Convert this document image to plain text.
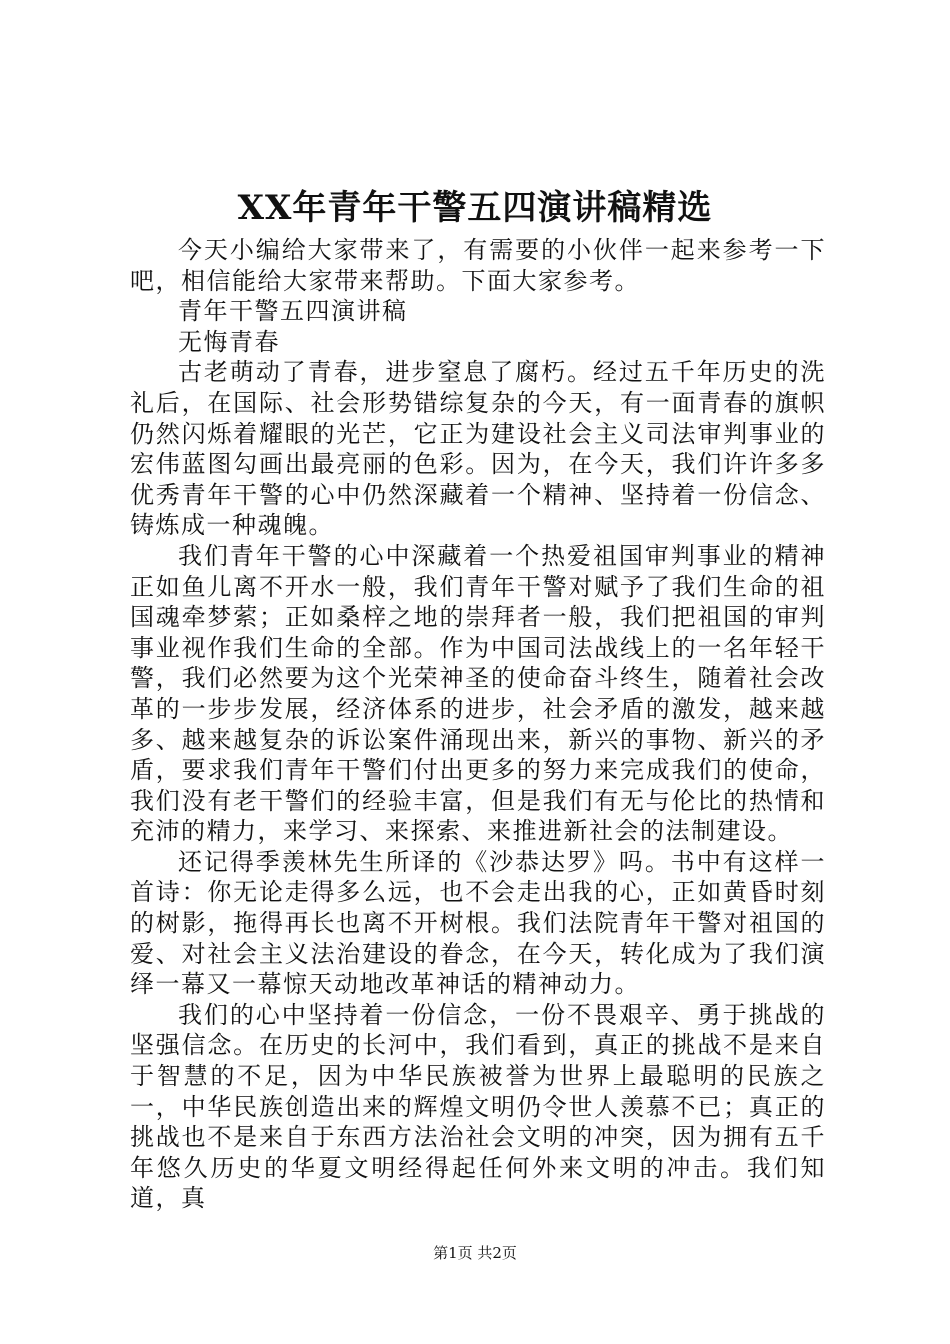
XX年青年干警五四演讲稿精选

今天小编给大家带来了，有需要的小伙伴一起来参考一下吧，相信能给大家带来帮助。下面大家参考。

青年干警五四演讲稿

无悔青春

古老萌动了青春，进步窒息了腐朽。经过五千年历史的洗礼后，在国际、社会形势错综复杂的今天，有一面青春的旗帜仍然闪烁着耀眼的光芒，它正为建设社会主义司法审判事业的宏伟蓝图勾画出最亮丽的色彩。因为，在今天，我们许许多多优秀青年干警的心中仍然深藏着一个精神、坚持着一份信念、铸炼成一种魂魄。

我们青年干警的心中深藏着一个热爱祖国审判事业的精神正如鱼儿离不开水一般，我们青年干警对赋予了我们生命的祖国魂牵梦萦；正如桑梓之地的崇拜者一般，我们把祖国的审判事业视作我们生命的全部。作为中国司法战线上的一名年轻干警，我们必然要为这个光荣神圣的使命奋斗终生，随着社会改革的一步步发展，经济体系的进步，社会矛盾的激发，越来越多、越来越复杂的诉讼案件涌现出来，新兴的事物、新兴的矛盾，要求我们青年干警们付出更多的努力来完成我们的使命，我们没有老干警们的经验丰富，但是我们有无与伦比的热情和充沛的精力，来学习、来探索、来推进新社会的法制建设。

还记得季羡林先生所译的《沙恭达罗》吗。书中有这样一首诗：你无论走得多么远，也不会走出我的心，正如黄昏时刻的树影，拖得再长也离不开树根。我们法院青年干警对祖国的爱、对社会主义法治建设的眷念，在今天，转化成为了我们演绎一幕又一幕惊天动地改革神话的精神动力。

我们的心中坚持着一份信念，一份不畏艰辛、勇于挑战的坚强信念。在历史的长河中，我们看到，真正的挑战不是来自于智慧的不足，因为中华民族被誉为世界上最聪明的民族之一，中华民族创造出来的辉煌文明仍令世人羡慕不已；真正的挑战也不是来自于东西方法治社会文明的冲突，因为拥有五千年悠久历史的华夏文明经得起任何外来文明的冲击。我们知道，真

第1页 共2页
